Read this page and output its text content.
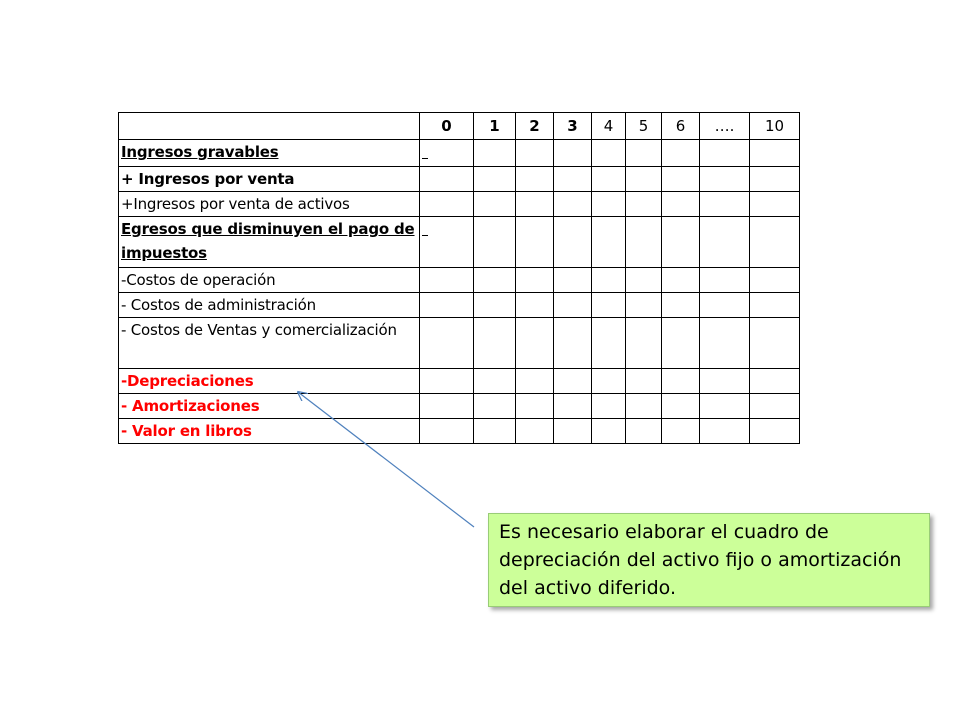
	0	1	2	3	4	5	6	….	10
Ingresos gravables									
+ Ingresos por venta									
+Ingresos por venta de activos									
Egresos que disminuyen el pago de impuestos									
-Costos de operación									
- Costos de administración									
- Costos de Ventas y comercialización									
-Depreciaciones									
- Amortizaciones									
- Valor en libros									
Es necesario elaborar el cuadro de depreciación del activo fijo o amortización del activo diferido.
